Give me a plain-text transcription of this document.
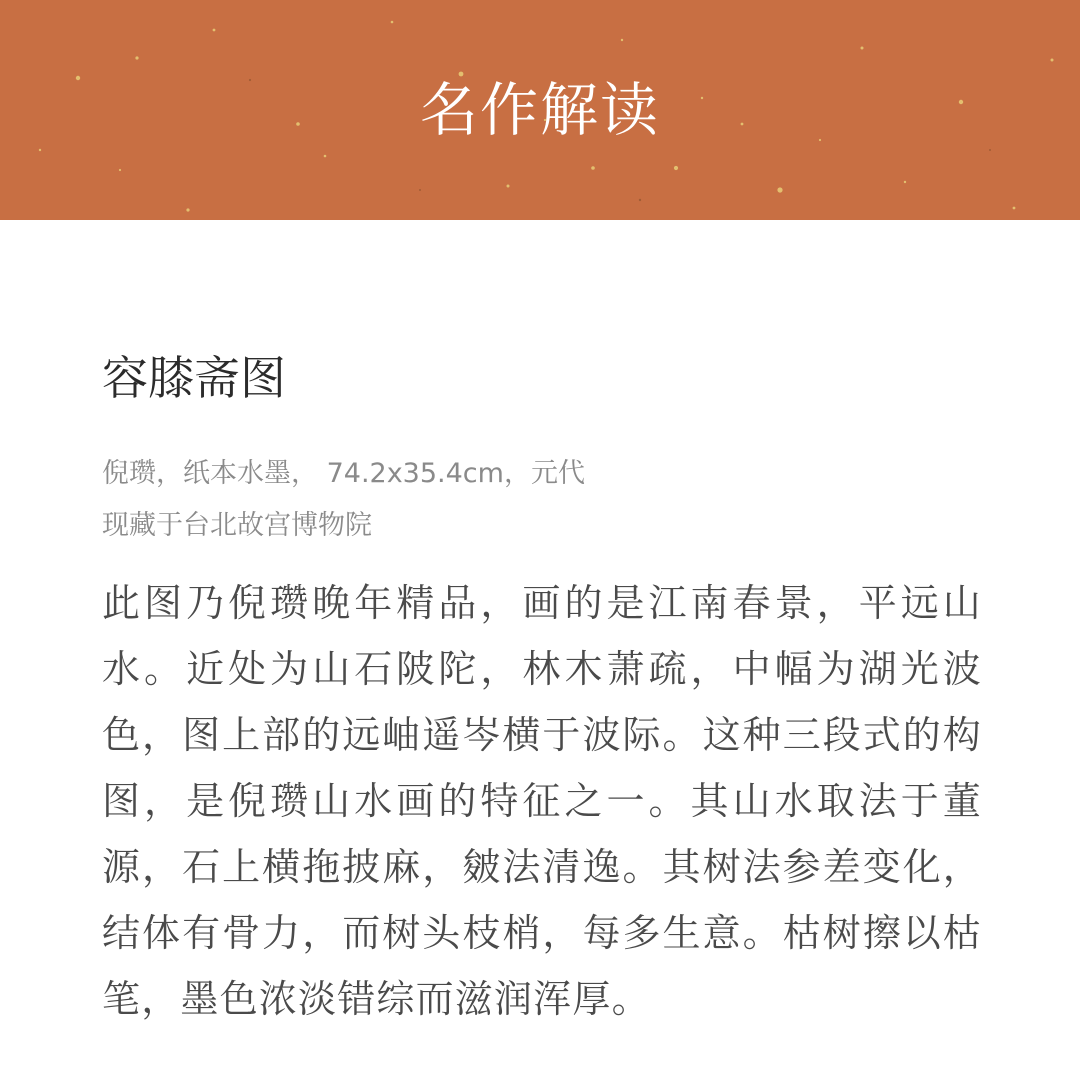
名作解读
容膝斋图
倪瓒，纸本水墨， 74.2x35.4cm，元代
现藏于台北故宫博物院
此图乃倪瓒晚年精品，画的是江南春景，平远山水。近处为山石陂陀，林木萧疏，中幅为湖光波色，图上部的远岫遥岑横于波际。这种三段式的构图，是倪瓒山水画的特征之一。其山水取法于董源，石上横拖披麻，皴法清逸。其树法参差变化，结体有骨力，而树头枝梢，每多生意。枯树擦以枯笔，墨色浓淡错综而滋润浑厚。
